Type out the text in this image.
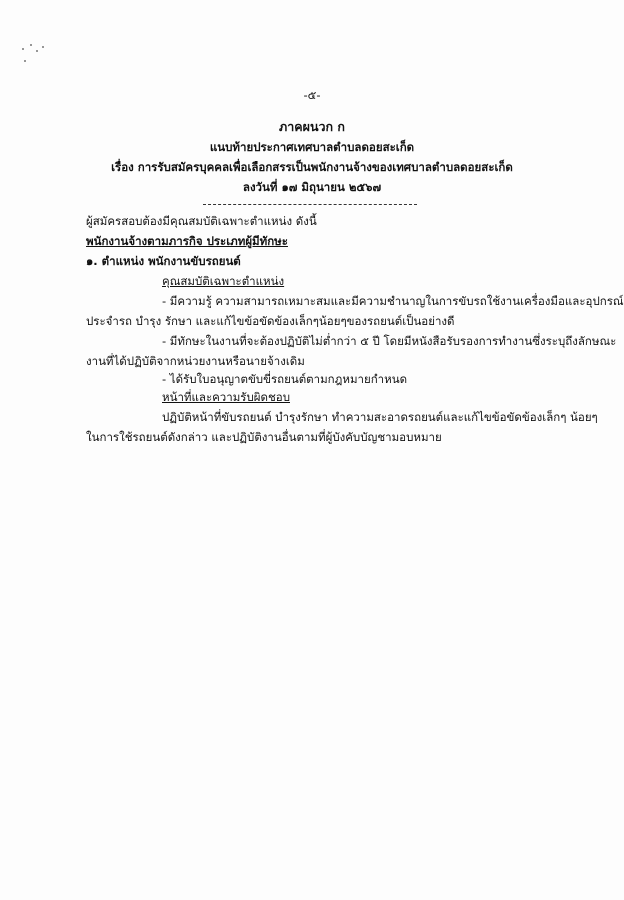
-๕-
ภาคผนวก ก
แนบท้ายประกาศเทศบาลตำบลดอยสะเก็ด
เรื่อง การรับสมัครบุคคลเพื่อเลือกสรรเป็นพนักงานจ้างของเทศบาลตำบลดอยสะเก็ด
ลงวันที่ ๑๗ มิถุนายน ๒๕๖๗
ผู้สมัครสอบต้องมีคุณสมบัติเฉพาะตำแหน่ง ดังนี้
พนักงานจ้างตามภารกิจ ประเภทผู้มีทักษะ
๑. ตำแหน่ง พนักงานขับรถยนต์
คุณสมบัติเฉพาะตำแหน่ง
- มีความรู้ ความสามารถเหมาะสมและมีความชำนาญในการขับรถใช้งานเครื่องมือและอุปกรณ์
ประจำรถ บำรุง รักษา และแก้ไขข้อขัดข้องเล็กๆน้อยๆของรถยนต์เป็นอย่างดี
- มีทักษะในงานที่จะต้องปฏิบัติไม่ต่ำกว่า ๕ ปี โดยมีหนังสือรับรองการทำงานซึ่งระบุถึงลักษณะ
งานที่ได้ปฏิบัติจากหน่วยงานหรือนายจ้างเดิม
- ได้รับใบอนุญาตขับขี่รถยนต์ตามกฎหมายกำหนด
หน้าที่และความรับผิดชอบ
ปฏิบัติหน้าที่ขับรถยนต์ บำรุงรักษา ทำความสะอาดรถยนต์และแก้ไขข้อขัดข้องเล็กๆ น้อยๆ
ในการใช้รถยนต์ดังกล่าว และปฏิบัติงานอื่นตามที่ผู้บังคับบัญชามอบหมาย
